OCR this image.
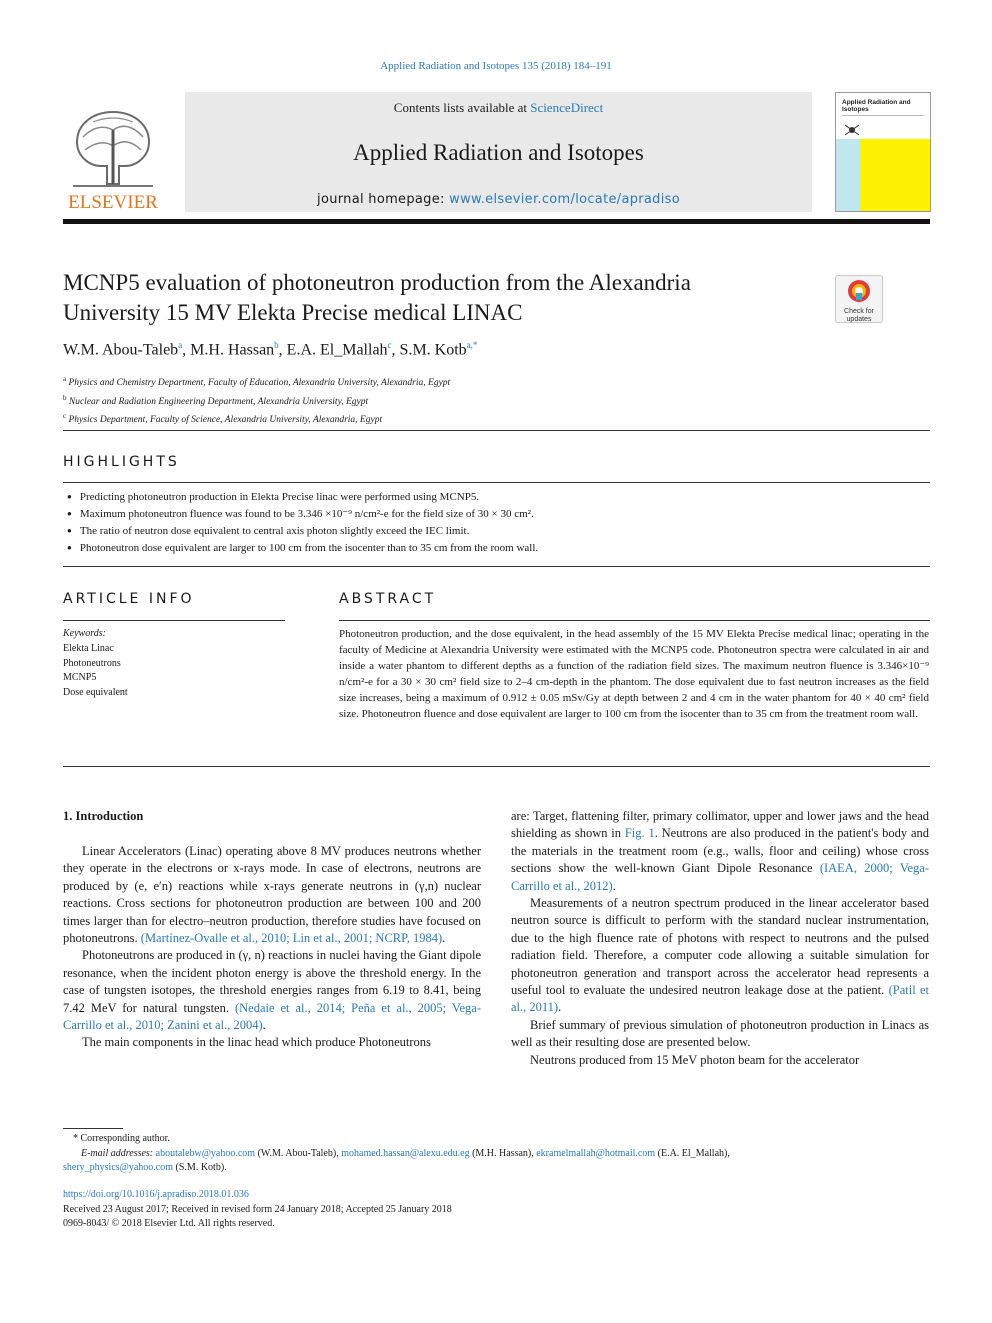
Applied Radiation and Isotopes 135 (2018) 184–191
ELSEVIER
Contents lists available at ScienceDirect
Applied Radiation and Isotopes
journal homepage: www.elsevier.com/locate/apradiso
Applied Radiation and Isotopes
MCNP5 evaluation of photoneutron production from the Alexandria
University 15 MV Elekta Precise medical LINAC	Check for updates
W.M. Abou-Taleb$^a$, M.H. Hassan$^b$, E.A. El_Mallah$^c$, S.M. Kotb$^{a,*}$
$^a$ Physics and Chemistry Department, Faculty of Education, Alexandria University, Alexandria, Egypt
$^b$ Nuclear and Radiation Engineering Department, Alexandria University, Egypt
$^c$ Physics Department, Faculty of Science, Alexandria University, Alexandria, Egypt
HIGHLIGHTS
● Predicting photoneutron production in Elekta Precise linac were performed using MCNP5.
● Maximum photoneutron fluence was found to be 3.346 ×10⁻⁹ n/cm²-e for the field size of 30 × 30 cm².
● The ratio of neutron dose equivalent to central axis photon slightly exceed the IEC limit.
● Photoneutron dose equivalent are larger to 100 cm from the isocenter than to 35 cm from the room wall.
ARTICLE INFO
Keywords:
Elekta Linac
Photoneutrons
MCNP5
Dose equivalent
ABSTRACT
Photoneutron production, and the dose equivalent, in the head assembly of the 15 MV Elekta Precise medical linac; operating in the faculty of Medicine at Alexandria University were estimated with the MCNP5 code. Photoneutron spectra were calculated in air and inside a water phantom to different depths as a function of the radiation field sizes. The maximum neutron fluence is 3.346×10⁻⁹ n/cm²-e for a 30 × 30 cm² field size to 2–4 cm-depth in the phantom. The dose equivalent due to fast neutron increases as the field size increases, being a maximum of 0.912 ± 0.05 mSv/Gy at depth between 2 and 4 cm in the water phantom for 40 × 40 cm² field size. Photoneutron fluence and dose equivalent are larger to 100 cm from the isocenter than to 35 cm from the treatment room wall.
1. Introduction

Linear Accelerators (Linac) operating above 8 MV produces neutrons whether they operate in the electrons or x-rays mode. In case of electrons, neutrons are produced by (e, e′n) reactions while x-rays generate neutrons in (γ,n) nuclear reactions. Cross sections for photoneutron production are between 100 and 200 times larger than for electro–neutron production, therefore studies have focused on photoneutrons. (Martínez-Ovalle et al., 2010; Lin et al., 2001; NCRP, 1984).

Photoneutrons are produced in (γ, n) reactions in nuclei having the Giant dipole resonance, when the incident photon energy is above the threshold energy. In the case of tungsten isotopes, the threshold energies ranges from 6.19 to 8.41, being 7.42 MeV for natural tungsten. (Nedaie et al., 2014; Peña et al., 2005; Vega-Carrillo et al., 2010; Zanini et al., 2004).

The main components in the linac head which produce Photoneutrons

are: Target, flattening filter, primary collimator, upper and lower jaws and the head shielding as shown in Fig. 1. Neutrons are also produced in the patient's body and the materials in the treatment room (e.g., walls, floor and ceiling) whose cross sections show the well-known Giant Dipole Resonance (IAEA, 2000; Vega-Carrillo et al., 2012).

Measurements of a neutron spectrum produced in the linear accelerator based neutron source is difficult to perform with the standard nuclear instrumentation, due to the high fluence rate of photons with respect to neutrons and the pulsed radiation field. Therefore, a computer code allowing a suitable simulation for photoneutron generation and transport across the accelerator head represents a useful tool to evaluate the undesired neutron leakage dose at the patient. (Patil et al., 2011).

Brief summary of previous simulation of photoneutron production in Linacs as well as their resulting dose are presented below.

Neutrons produced from 15 MeV photon beam for the accelerator

* Corresponding author.
E-mail addresses: aboutalebw@yahoo.com (W.M. Abou-Taleb), mohamed.hassan@alexu.edu.eg (M.H. Hassan), ekramelmallah@hotmail.com (E.A. El_Mallah),
shery_physics@yahoo.com (S.M. Kotb).
https://doi.org/10.1016/j.apradiso.2018.01.036
Received 23 August 2017; Received in revised form 24 January 2018; Accepted 25 January 2018
0969-8043/ © 2018 Elsevier Ltd. All rights reserved.
